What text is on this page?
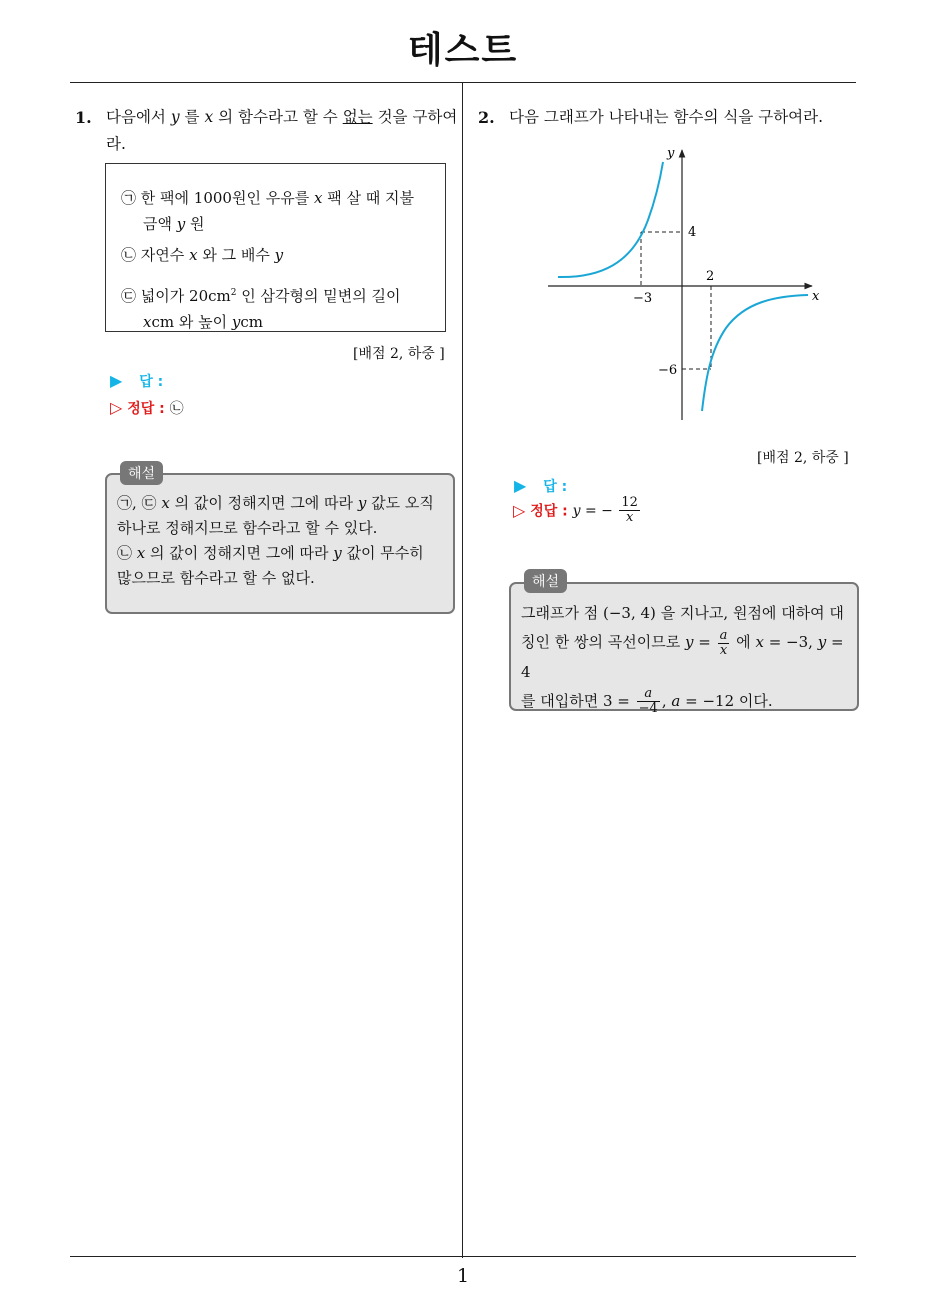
테스트
1
1. 다음에서 y 를 x 의 함수라고 할 수 없는 것을 구하여
라.
㉠ 한 팩에 1000원인 우유를 x 팩 살 때 지불
금액 y 원
㉡ 자연수 x 와 그 배수 y
㉢ 넓이가 $20cm^2$ 인 삼각형의 밑변의 길이
xcm 와 높이 ycm
[배점 2, 하중 ]
▶ 답 :
▷ 정답 : ㉡
해설
㉠, ㉢ x 의 값이 정해지면 그에 따라 y 값도 오직
하나로 정해지므로 함수라고 할 수 있다.
㉡ x 의 값이 정해지면 그에 따라 y 값이 무수히
많으므로 함수라고 할 수 없다.
2. 다음 그래프가 나타내는 함수의 식을 구하여라.
x
y
4
−3
2
−6
[배점 2, 하중 ]
▶ 답 :
▷ 정답 : y = − $\frac{12}{x}$
해설
그래프가 점 (−3, 4) 을 지나고, 원점에 대하여 대
칭인 한 쌍의 곡선이므로 $y = \frac{a}{x}$ 에 x = −3, y = 4
를 대입하면 $3 = \frac{a}{-4}$ , a = −12 이다.
